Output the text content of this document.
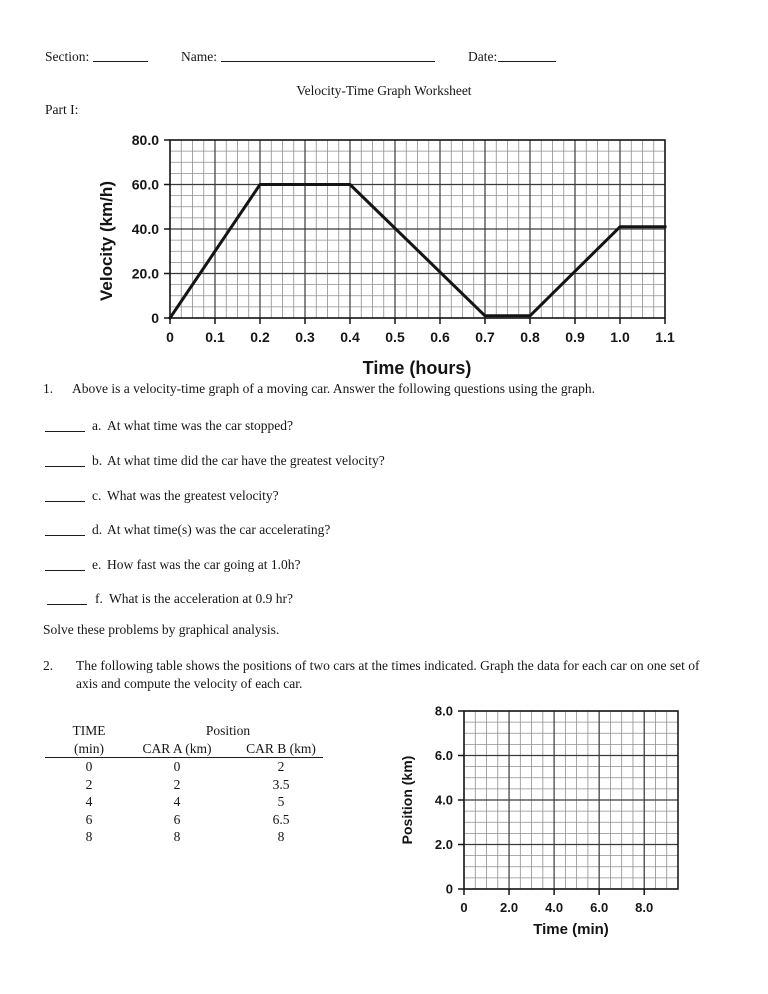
Section:	Name:	Date:
Velocity-Time Graph Worksheet
Part I:
0 0.1 0.2 0.3 0.4 0.5 0.6 0.7 0.8 0.9 1.0 1.1
0
20.0
40.0
60.0
80.0
Velocity (km/h)
Time (hours)
1. Above is a velocity-time graph of a moving car. Answer the following questions using the graph.
a. At what time was the car stopped?
b. At what time did the car have the greatest velocity?
c. What was the greatest velocity?
d. At what time(s) was the car accelerating?
e. How fast was the car going at 1.0h?
f. What is the acceleration at 0.9 hr?
Solve these problems by graphical analysis.
2. The following table shows the positions of two cars at the times indicated. Graph the data for each car on one set of axis and compute the velocity of each car.
TIME	Position	
(min)	CAR A (km)	CAR B (km)
0	0	2
2	2	3.5
4	4	5
6	6	6.5
8	8	8
0 2.0 4.0 6.0 8.0
0
2.0
4.0
6.0
8.0
Position (km)
Time (min)
